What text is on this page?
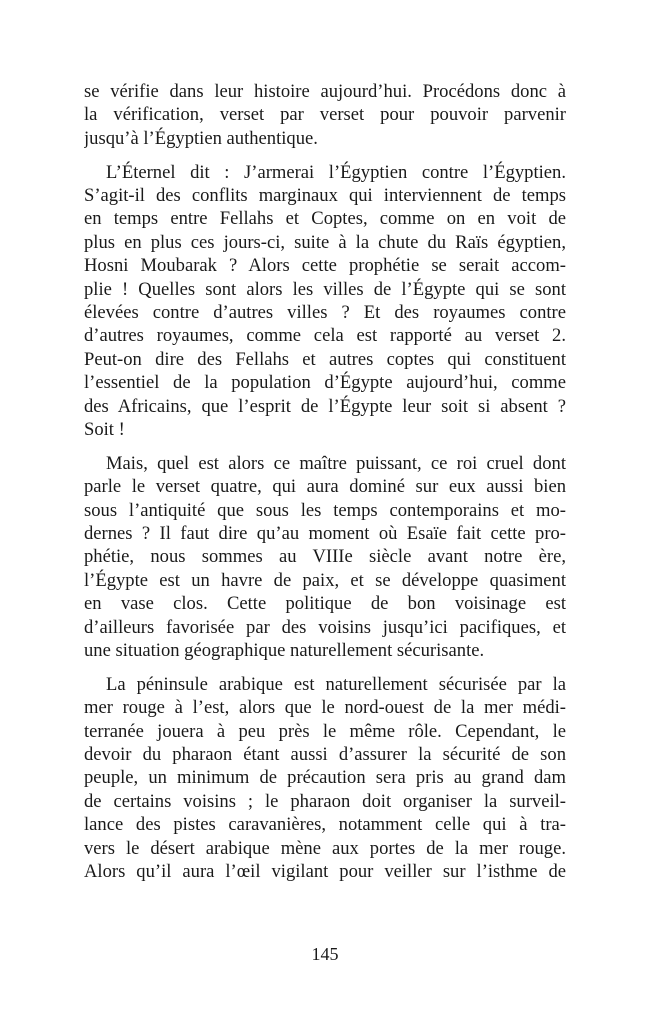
se vérifie dans leur histoire aujourd’hui. Procédons donc à
la vérification, verset par verset pour pouvoir parvenir
jusqu’à l’Égyptien authentique.
L’Éternel dit : J’armerai l’Égyptien contre l’Égyptien.
S’agit-il des conflits marginaux qui interviennent de temps
en temps entre Fellahs et Coptes, comme on en voit de
plus en plus ces jours-ci, suite à la chute du Raïs égyptien,
Hosni Moubarak ? Alors cette prophétie se serait accom-
plie ! Quelles sont alors les villes de l’Égypte qui se sont
élevées contre d’autres villes ? Et des royaumes contre
d’autres royaumes, comme cela est rapporté au verset 2.
Peut-on dire des Fellahs et autres coptes qui constituent
l’essentiel de la population d’Égypte aujourd’hui, comme
des Africains, que l’esprit de l’Égypte leur soit si absent ?
Soit !
Mais, quel est alors ce maître puissant, ce roi cruel dont
parle le verset quatre, qui aura dominé sur eux aussi bien
sous l’antiquité que sous les temps contemporains et mo-
dernes ? Il faut dire qu’au moment où Esaïe fait cette pro-
phétie, nous sommes au VIIIe siècle avant notre ère,
l’Égypte est un havre de paix, et se développe quasiment
en vase clos. Cette politique de bon voisinage est
d’ailleurs favorisée par des voisins jusqu’ici pacifiques, et
une situation géographique naturellement sécurisante.
La péninsule arabique est naturellement sécurisée par la
mer rouge à l’est, alors que le nord-ouest de la mer médi-
terranée jouera à peu près le même rôle. Cependant, le
devoir du pharaon étant aussi d’assurer la sécurité de son
peuple, un minimum de précaution sera pris au grand dam
de certains voisins ; le pharaon doit organiser la surveil-
lance des pistes caravanières, notamment celle qui à tra-
vers le désert arabique mène aux portes de la mer rouge.
Alors qu’il aura l’œil vigilant pour veiller sur l’isthme de
145
